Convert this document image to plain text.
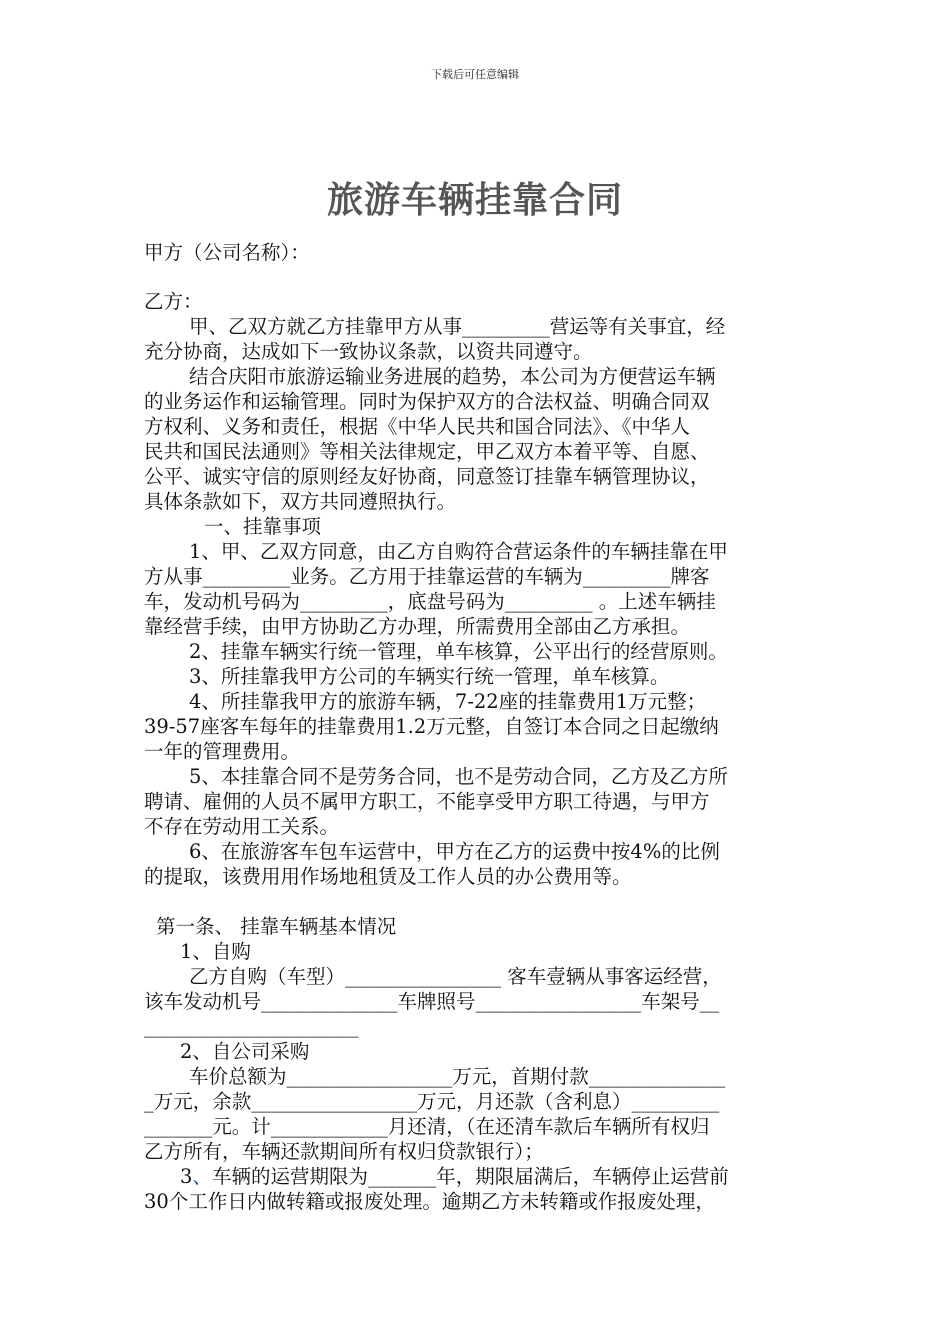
下载后可任意编辑
旅游车辆挂靠合同
甲方（公司名称）：
乙方：
甲、乙双方就乙方挂靠甲方从事_________营运等有关事宜，经
充分协商，达成如下一致协议条款，以资共同遵守。
结合庆阳市旅游运输业务进展的趋势，本公司为方便营运车辆
的业务运作和运输管理。同时为保护双方的合法权益、明确合同双
方权利、义务和责任，根据《中华人民共和国合同法》、《中华人
民共和国民法通则》等相关法律规定，甲乙双方本着平等、自愿、
公平、诚实守信的原则经友好协商，同意签订挂靠车辆管理协议，
具体条款如下，双方共同遵照执行。
一、挂靠事项
1、甲、乙双方同意，由乙方自购符合营运条件的车辆挂靠在甲
方从事_________业务。乙方用于挂靠运营的车辆为_________牌客
车，发动机号码为_________，底盘号码为_________ 。上述车辆挂
靠经营手续，由甲方协助乙方办理，所需费用全部由乙方承担。
2、挂靠车辆实行统一管理，单车核算，公平出行的经营原则。
3、所挂靠我甲方公司的车辆实行统一管理，单车核算。
4、所挂靠我甲方的旅游车辆，7-22座的挂靠费用1万元整；
39-57座客车每年的挂靠费用1.2万元整，自签订本合同之日起缴纳
一年的管理费用。
5、本挂靠合同不是劳务合同，也不是劳动合同，乙方及乙方所
聘请、雇佣的人员不属甲方职工，不能享受甲方职工待遇，与甲方
不存在劳动用工关系。
6、在旅游客车包车运营中，甲方在乙方的运费中按4%的比例
的提取，该费用用作场地租赁及工作人员的办公费用等。
第一条、 挂靠车辆基本情况
1、自购
乙方自购（车型）________________ 客车壹辆从事客运经营，
该车发动机号______________车牌照号_________________车架号__
______________________
2、自公司采购
车价总额为_________________万元，首期付款______________
_万元，余款_________________万元，月还款（含利息）_________
_______元。计____________月还清，（在还清车款后车辆所有权归
乙方所有，车辆还款期间所有权归贷款银行）；
3、车辆的运营期限为_______年，期限届满后，车辆停止运营前
30个工作日内做转籍或报废处理。逾期乙方未转籍或作报废处理，
